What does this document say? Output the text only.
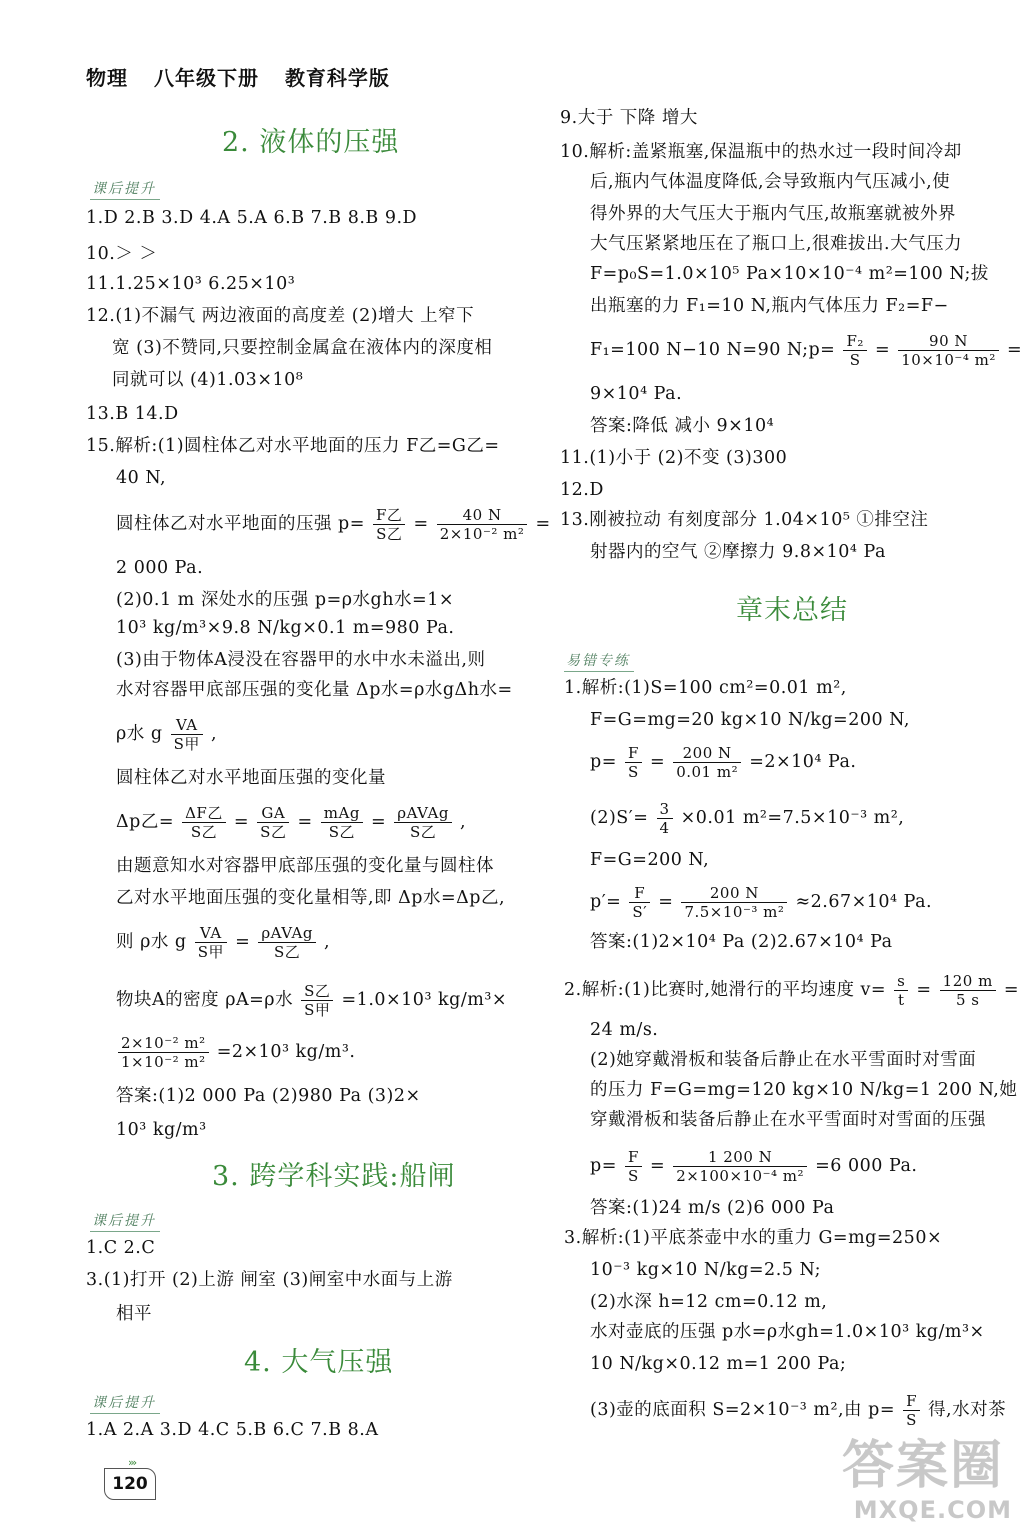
物理 八年级下册 教育科学版
2. 液体的压强
课后提升
1.D 2.B 3.D 4.A 5.A 6.B 7.B 8.B 9.D
10.＞ ＞
11.1.25×10³ 6.25×10³
12.(1)不漏气 两边液面的高度差 (2)增大 上窄下
宽 (3)不赞同,只要控制金属盒在液体内的深度相
同就可以 (4)1.03×10⁸
13.B 14.D
15.解析:(1)圆柱体乙对水平地面的压力 F乙=G乙=
40 N,
圆柱体乙对水平地面的压强 $p= \frac{\text{F乙}}{\text{S乙}} = \frac{40 N}{\text{2×10⁻² m²}}$ =
2 000 Pa.
(2)0.1 m 深处水的压强 p=ρ水gh水=1×
10³ kg/m³×9.8 N/kg×0.1 m=980 Pa.
(3)由于物体A浸没在容器甲的水中水未溢出,则
水对容器甲底部压强的变化量 Δp水=ρ水gΔh水=
ρ水 g $\frac{VA}{\text{S甲}}$ ,
圆柱体乙对水平地面压强的变化量
Δp乙= $\frac{\text{ΔF乙}}{\text{S乙}} = \frac{GA}{\text{S乙}} = \frac{\text{mAg}}{\text{S乙}} = \frac{\text{ρAVAg}}{\text{S乙}}$ ,
由题意知水对容器甲底部压强的变化量与圆柱体
乙对水平地面压强的变化量相等,即 Δp水=Δp乙,
则 ρ水 g $\frac{VA}{\text{S甲}} = \frac{\text{ρAVAg}}{\text{S乙}}$ ,
物块A的密度 ρA=ρ水 $\frac{\text{S乙}}{\text{S甲}} =1.0\times 10^3$ kg/m³×
$\frac{\text{2×10⁻² m²}}{\text{1×10⁻² m²}} =2\times 10^3$ kg/m³.
答案:(1)2 000 Pa (2)980 Pa (3)2×
10³ kg/m³
3. 跨学科实践:船闸
课后提升
1.C 2.C
3.(1)打开 (2)上游 闸室 (3)闸室中水面与上游
相平
4. 大气压强
课后提升
1.A 2.A 3.D 4.C 5.B 6.C 7.B 8.A
9.大于 下降 增大
10.解析:盖紧瓶塞,保温瓶中的热水过一段时间冷却
后,瓶内气体温度降低,会导致瓶内气压减小,使
得外界的大气压大于瓶内气压,故瓶塞就被外界
大气压紧紧地压在了瓶口上,很难拔出.大气压力
F=p₀S=1.0×10⁵ Pa×10×10⁻⁴ m²=100 N;拔
出瓶塞的力 F₁=10 N,瓶内气体压力 F₂=F−
F₁=100 N−10 N=90 N;p= $\frac{\text{F₂}}{S} = \frac{90 N}{\text{10×10⁻⁴ m²}}$ =
9×10⁴ Pa.
答案:降低 减小 9×10⁴
11.(1)小于 (2)不变 (3)300
12.D
13.刚被拉动 有刻度部分 1.04×10⁵ ①排空注
射器内的空气 ②摩擦力 9.8×10⁴ Pa
章末总结
易错专练
1.解析:(1)S=100 cm²=0.01 m²,
F=G=mg=20 kg×10 N/kg=200 N,
$p= \frac{F}{S} = \frac{200 N}{\text{0.01 m²}} =2\times 10^4$ Pa.
$(2)S'= \frac{3}{4} \times 0.01$ m²=7.5×10⁻³ m²,
F=G=200 N,
$p'= \frac{F}{S'} = \frac{200 N}{\text{7.5×10⁻³ m²}} \approx 2.67\times 10^4$ Pa.
答案:(1)2×10⁴ Pa (2)2.67×10⁴ Pa
2.解析:(1)比赛时,她滑行的平均速度 $v= \frac{s}{t} = \frac{120 m}{5 s}$ =
24 m/s.
(2)她穿戴滑板和装备后静止在水平雪面时对雪面
的压力 F=G=mg=120 kg×10 N/kg=1 200 N,她
穿戴滑板和装备后静止在水平雪面时对雪面的压强
$p= \frac{F}{S} = \frac{1 200 N}{\text{2×100×10⁻⁴ m²}} =6$ 000 Pa.
答案:(1)24 m/s (2)6 000 Pa
3.解析:(1)平底茶壶中水的重力 G=mg=250×
10⁻³ kg×10 N/kg=2.5 N;
(2)水深 h=12 cm=0.12 m,
水对壶底的压强 p水=ρ水gh=1.0×10³ kg/m³×
10 N/kg×0.12 m=1 200 Pa;
(3)壶的底面积 S=2×10⁻³ m²,由 $p= \frac{F}{S}$ 得,水对茶
›››
120	答案圈
MXQE.COM
